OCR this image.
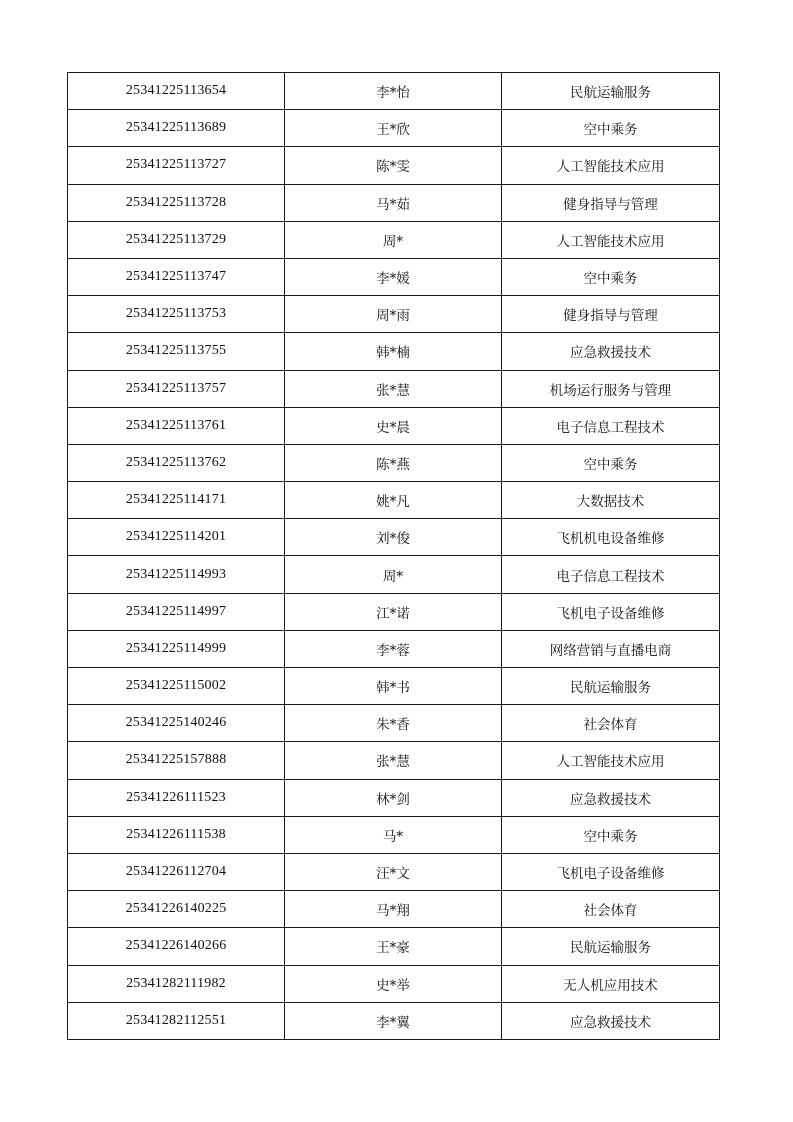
25341225113654	李*怡	民航运输服务
25341225113689	王*欣	空中乘务
25341225113727	陈*雯	人工智能技术应用
25341225113728	马*茹	健身指导与管理
25341225113729	周*	人工智能技术应用
25341225113747	李*媛	空中乘务
25341225113753	周*雨	健身指导与管理
25341225113755	韩*楠	应急救援技术
25341225113757	张*慧	机场运行服务与管理
25341225113761	史*晨	电子信息工程技术
25341225113762	陈*燕	空中乘务
25341225114171	姚*凡	大数据技术
25341225114201	刘*俊	飞机机电设备维修
25341225114993	周*	电子信息工程技术
25341225114997	江*诺	飞机电子设备维修
25341225114999	李*蓉	网络营销与直播电商
25341225115002	韩*书	民航运输服务
25341225140246	朱*香	社会体育
25341225157888	张*慧	人工智能技术应用
25341226111523	林*剑	应急救援技术
25341226111538	马*	空中乘务
25341226112704	汪*文	飞机电子设备维修
25341226140225	马*翔	社会体育
25341226140266	王*豪	民航运输服务
25341282111982	史*举	无人机应用技术
25341282112551	李*翼	应急救援技术
